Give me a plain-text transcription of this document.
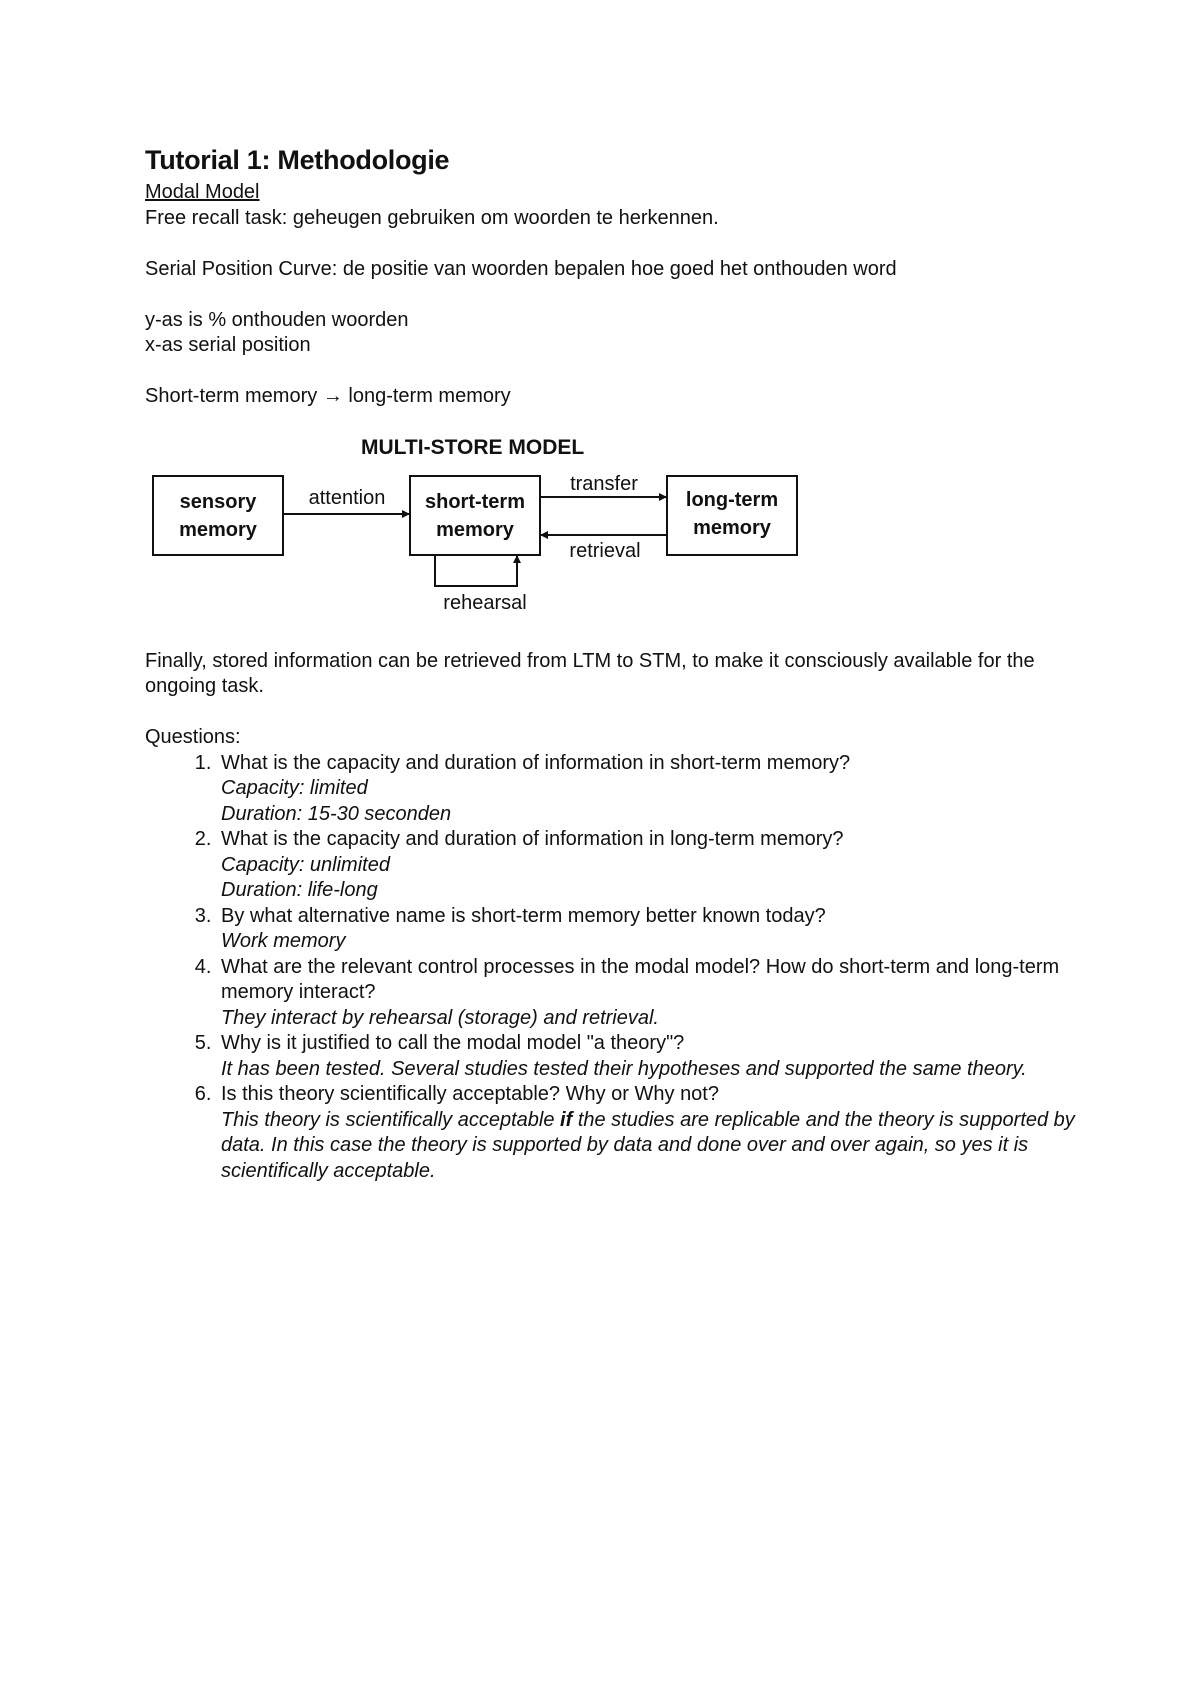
Tutorial 1: Methodologie

Modal Model

Free recall task: geheugen gebruiken om woorden te herkennen.

Serial Position Curve: de positie van woorden bepalen hoe goed het onthouden word

y-as is % onthouden woorden

x-as serial position

Short-term memory → long-term memory

MULTI-STORE MODEL
sensory
memory
short-term
memory
long-term
memory
attention
transfer
retrieval
rehearsal

Finally, stored information can be retrieved from LTM to STM, to make it consciously available for the ongoing task.

Questions:

1. What is the capacity and duration of information in short-term memory?
Capacity: limited
Duration: 15-30 seconden
2. What is the capacity and duration of information in long-term memory?
Capacity: unlimited
Duration: life-long
3. By what alternative name is short-term memory better known today?
Work memory
4. What are the relevant control processes in the modal model? How do short-term and long-term memory interact?
They interact by rehearsal (storage) and retrieval.
5. Why is it justified to call the modal model "a theory"?
It has been tested. Several studies tested their hypotheses and supported the same theory.
6. Is this theory scientifically acceptable? Why or Why not?
This theory is scientifically acceptable if the studies are replicable and the theory is supported by data. In this case the theory is supported by data and done over and over again, so yes it is scientifically acceptable.
